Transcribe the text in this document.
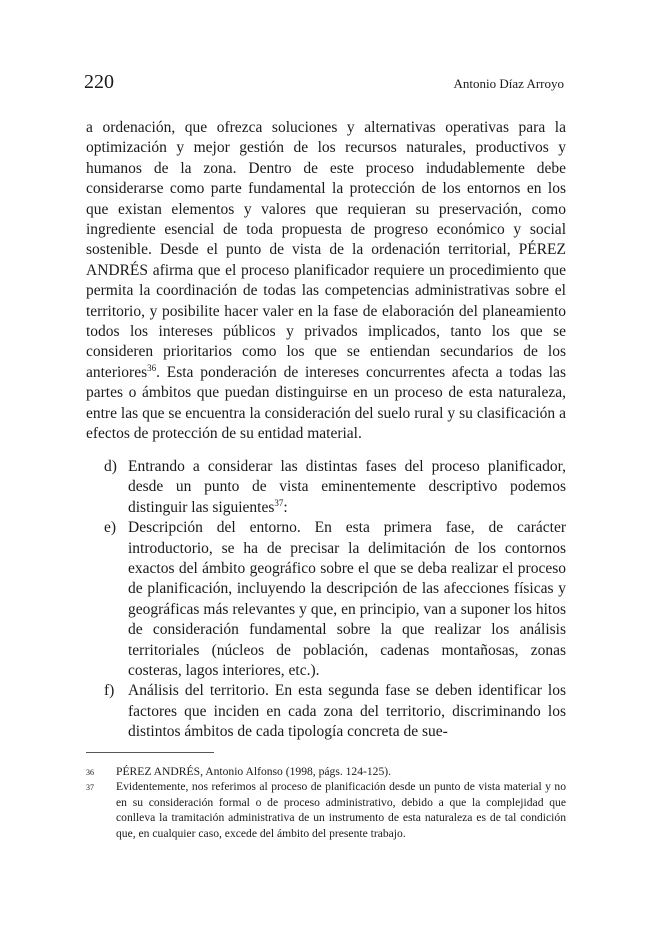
220	Antonio Díaz Arroyo

a ordenación, que ofrezca soluciones y alternativas operativas para la optimización y mejor gestión de los recursos naturales, productivos y humanos de la zona. Dentro de este proceso indudablemente debe considerarse como parte fundamental la protección de los entornos en los que existan elementos y valores que requieran su preservación, como ingrediente esencial de toda propuesta de progreso económico y social sostenible. Desde el punto de vista de la ordenación territorial, PÉREZ ANDRÉS afirma que el proceso planificador requiere un procedimiento que permita la coordinación de todas las competencias administrativas sobre el territorio, y posibilite hacer valer en la fase de elaboración del planeamiento todos los intereses públicos y privados implicados, tanto los que se consideren prioritarios como los que se entiendan secundarios de los anteriores$^{36}$. Esta ponderación de intereses concurrentes afecta a todas las partes o ámbitos que puedan distinguirse en un proceso de esta naturaleza, entre las que se encuentra la consideración del suelo rural y su clasificación a efectos de protección de su entidad material.

d) Entrando a considerar las distintas fases del proceso planificador, desde un punto de vista eminentemente descriptivo podemos distinguir las siguientes$^{37}$:
e) Descripción del entorno. En esta primera fase, de carácter introductorio, se ha de precisar la delimitación de los contornos exactos del ámbito geográfico sobre el que se deba realizar el proceso de planificación, incluyendo la descripción de las afecciones físicas y geográficas más relevantes y que, en principio, van a suponer los hitos de consideración fundamental sobre la que realizar los análisis territoriales (núcleos de población, cadenas montañosas, zonas costeras, lagos interiores, etc.).
f) Análisis del territorio. En esta segunda fase se deben identificar los factores que inciden en cada zona del territorio, discriminando los distintos ámbitos de cada tipología concreta de sue-
36 PÉREZ ANDRÉS, Antonio Alfonso (1998, págs. 124-125).
37 Evidentemente, nos referimos al proceso de planificación desde un punto de vista material y no en su consideración formal o de proceso administrativo, debido a que la complejidad que conlleva la tramitación administrativa de un instrumento de esta naturaleza es de tal condición que, en cualquier caso, excede del ámbito del presente trabajo.
